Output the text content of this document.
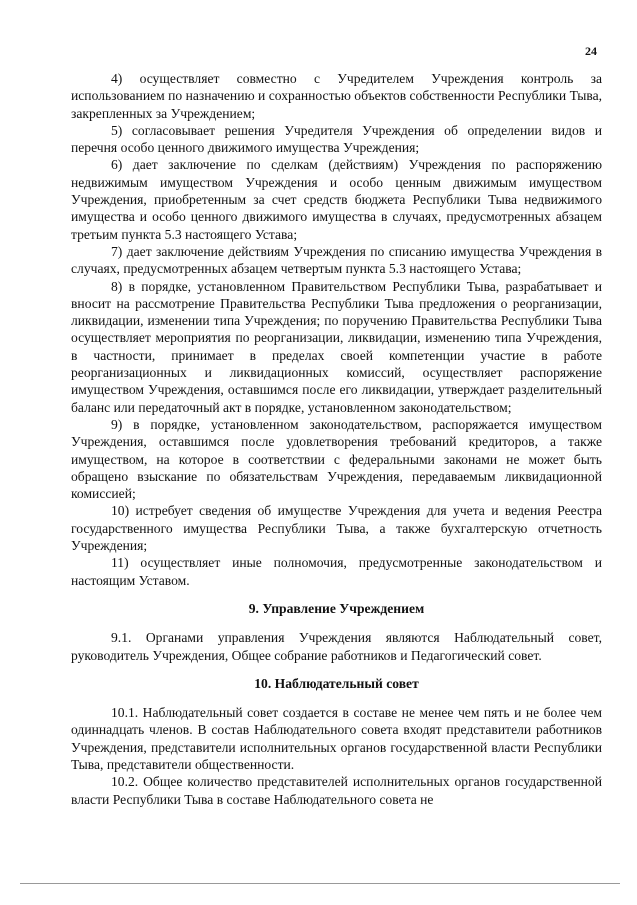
24

4) осуществляет совместно с Учредителем Учреждения контроль за использованием по назначению и сохранностью объектов собственности Республики Тыва, закрепленных за Учреждением;

5) согласовывает решения Учредителя Учреждения об определении видов и перечня особо ценного движимого имущества Учреждения;

6) дает заключение по сделкам (действиям) Учреждения по распоряжению недвижимым имуществом Учреждения и особо ценным движимым имуществом Учреждения, приобретенным за счет средств бюджета Республики Тыва недвижимого имущества и особо ценного движимого имущества в случаях, предусмотренных абзацем третьим пункта 5.3 настоящего Устава;

7) дает заключение действиям Учреждения по списанию имущества Учреждения в случаях, предусмотренных абзацем четвертым пункта 5.3 настоящего Устава;

8) в порядке, установленном Правительством Республики Тыва, разрабатывает и вносит на рассмотрение Правительства Республики Тыва предложения о реорганизации, ликвидации, изменении типа Учреждения; по поручению Правительства Республики Тыва осуществляет мероприятия по реорганизации, ликвидации, изменению типа Учреждения, в частности, принимает в пределах своей компетенции участие в работе реорганизационных и ликвидационных комиссий, осуществляет распоряжение имуществом Учреждения, оставшимся после его ликвидации, утверждает разделительный баланс или передаточный акт в порядке, установленном законодательством;

9) в порядке, установленном законодательством, распоряжается имуществом Учреждения, оставшимся после удовлетворения требований кредиторов, а также имуществом, на которое в соответствии с федеральными законами не может быть обращено взыскание по обязательствам Учреждения, передаваемым ликвидационной комиссией;

10) истребует сведения об имуществе Учреждения для учета и ведения Реестра государственного имущества Республики Тыва, а также бухгалтерскую отчетность Учреждения;

11) осуществляет иные полномочия, предусмотренные законодательством и настоящим Уставом.

9. Управление Учреждением

9.1. Органами управления Учреждения являются Наблюдательный совет, руководитель Учреждения, Общее собрание работников и Педагогический совет.

10. Наблюдательный совет

10.1. Наблюдательный совет создается в составе не менее чем пять и не более чем одиннадцать членов. В состав Наблюдательного совета входят представители работников Учреждения, представители исполнительных органов государственной власти Республики Тыва, представители общественности.

10.2. Общее количество представителей исполнительных органов государственной власти Республики Тыва в составе Наблюдательного совета не
